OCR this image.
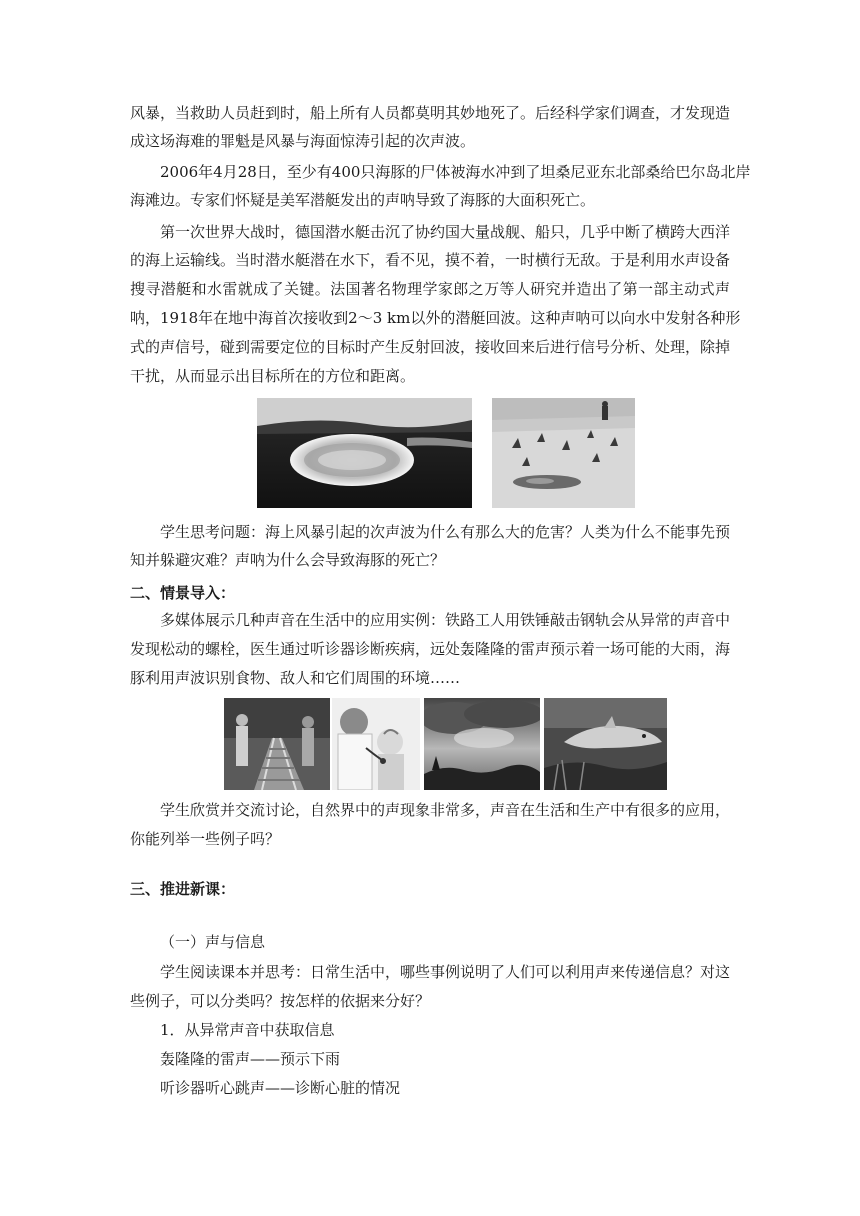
风暴，当救助人员赶到时，船上所有人员都莫明其妙地死了。后经科学家们调查，才发现造
成这场海难的罪魁是风暴与海面惊涛引起的次声波。
2006年4月28日，至少有400只海豚的尸体被海水冲到了坦桑尼亚东北部桑给巴尔岛北岸
海滩边。专家们怀疑是美军潜艇发出的声呐导致了海豚的大面积死亡。
第一次世界大战时，德国潜水艇击沉了协约国大量战舰、船只，几乎中断了横跨大西洋
的海上运输线。当时潜水艇潜在水下，看不见，摸不着，一时横行无敌。于是利用水声设备
搜寻潜艇和水雷就成了关键。法国著名物理学家郎之万等人研究并造出了第一部主动式声
呐，1918年在地中海首次接收到2～3 km以外的潜艇回波。这种声呐可以向水中发射各种形
式的声信号，碰到需要定位的目标时产生反射回波，接收回来后进行信号分析、处理，除掉
干扰，从而显示出目标所在的方位和距离。
学生思考问题：海上风暴引起的次声波为什么有那么大的危害？人类为什么不能事先预
知并躲避灾难？声呐为什么会导致海豚的死亡？
二、情景导入：
多媒体展示几种声音在生活中的应用实例：铁路工人用铁锤敲击钢轨会从异常的声音中
发现松动的螺栓，医生通过听诊器诊断疾病，远处轰隆隆的雷声预示着一场可能的大雨，海
豚利用声波识别食物、敌人和它们周围的环境……
学生欣赏并交流讨论，自然界中的声现象非常多，声音在生活和生产中有很多的应用，
你能列举一些例子吗？
三、推进新课：
（一）声与信息
学生阅读课本并思考：日常生活中，哪些事例说明了人们可以利用声来传递信息？对这
些例子，可以分类吗？按怎样的依据来分好？
1．从异常声音中获取信息
轰隆隆的雷声——预示下雨
听诊器听心跳声——诊断心脏的情况
